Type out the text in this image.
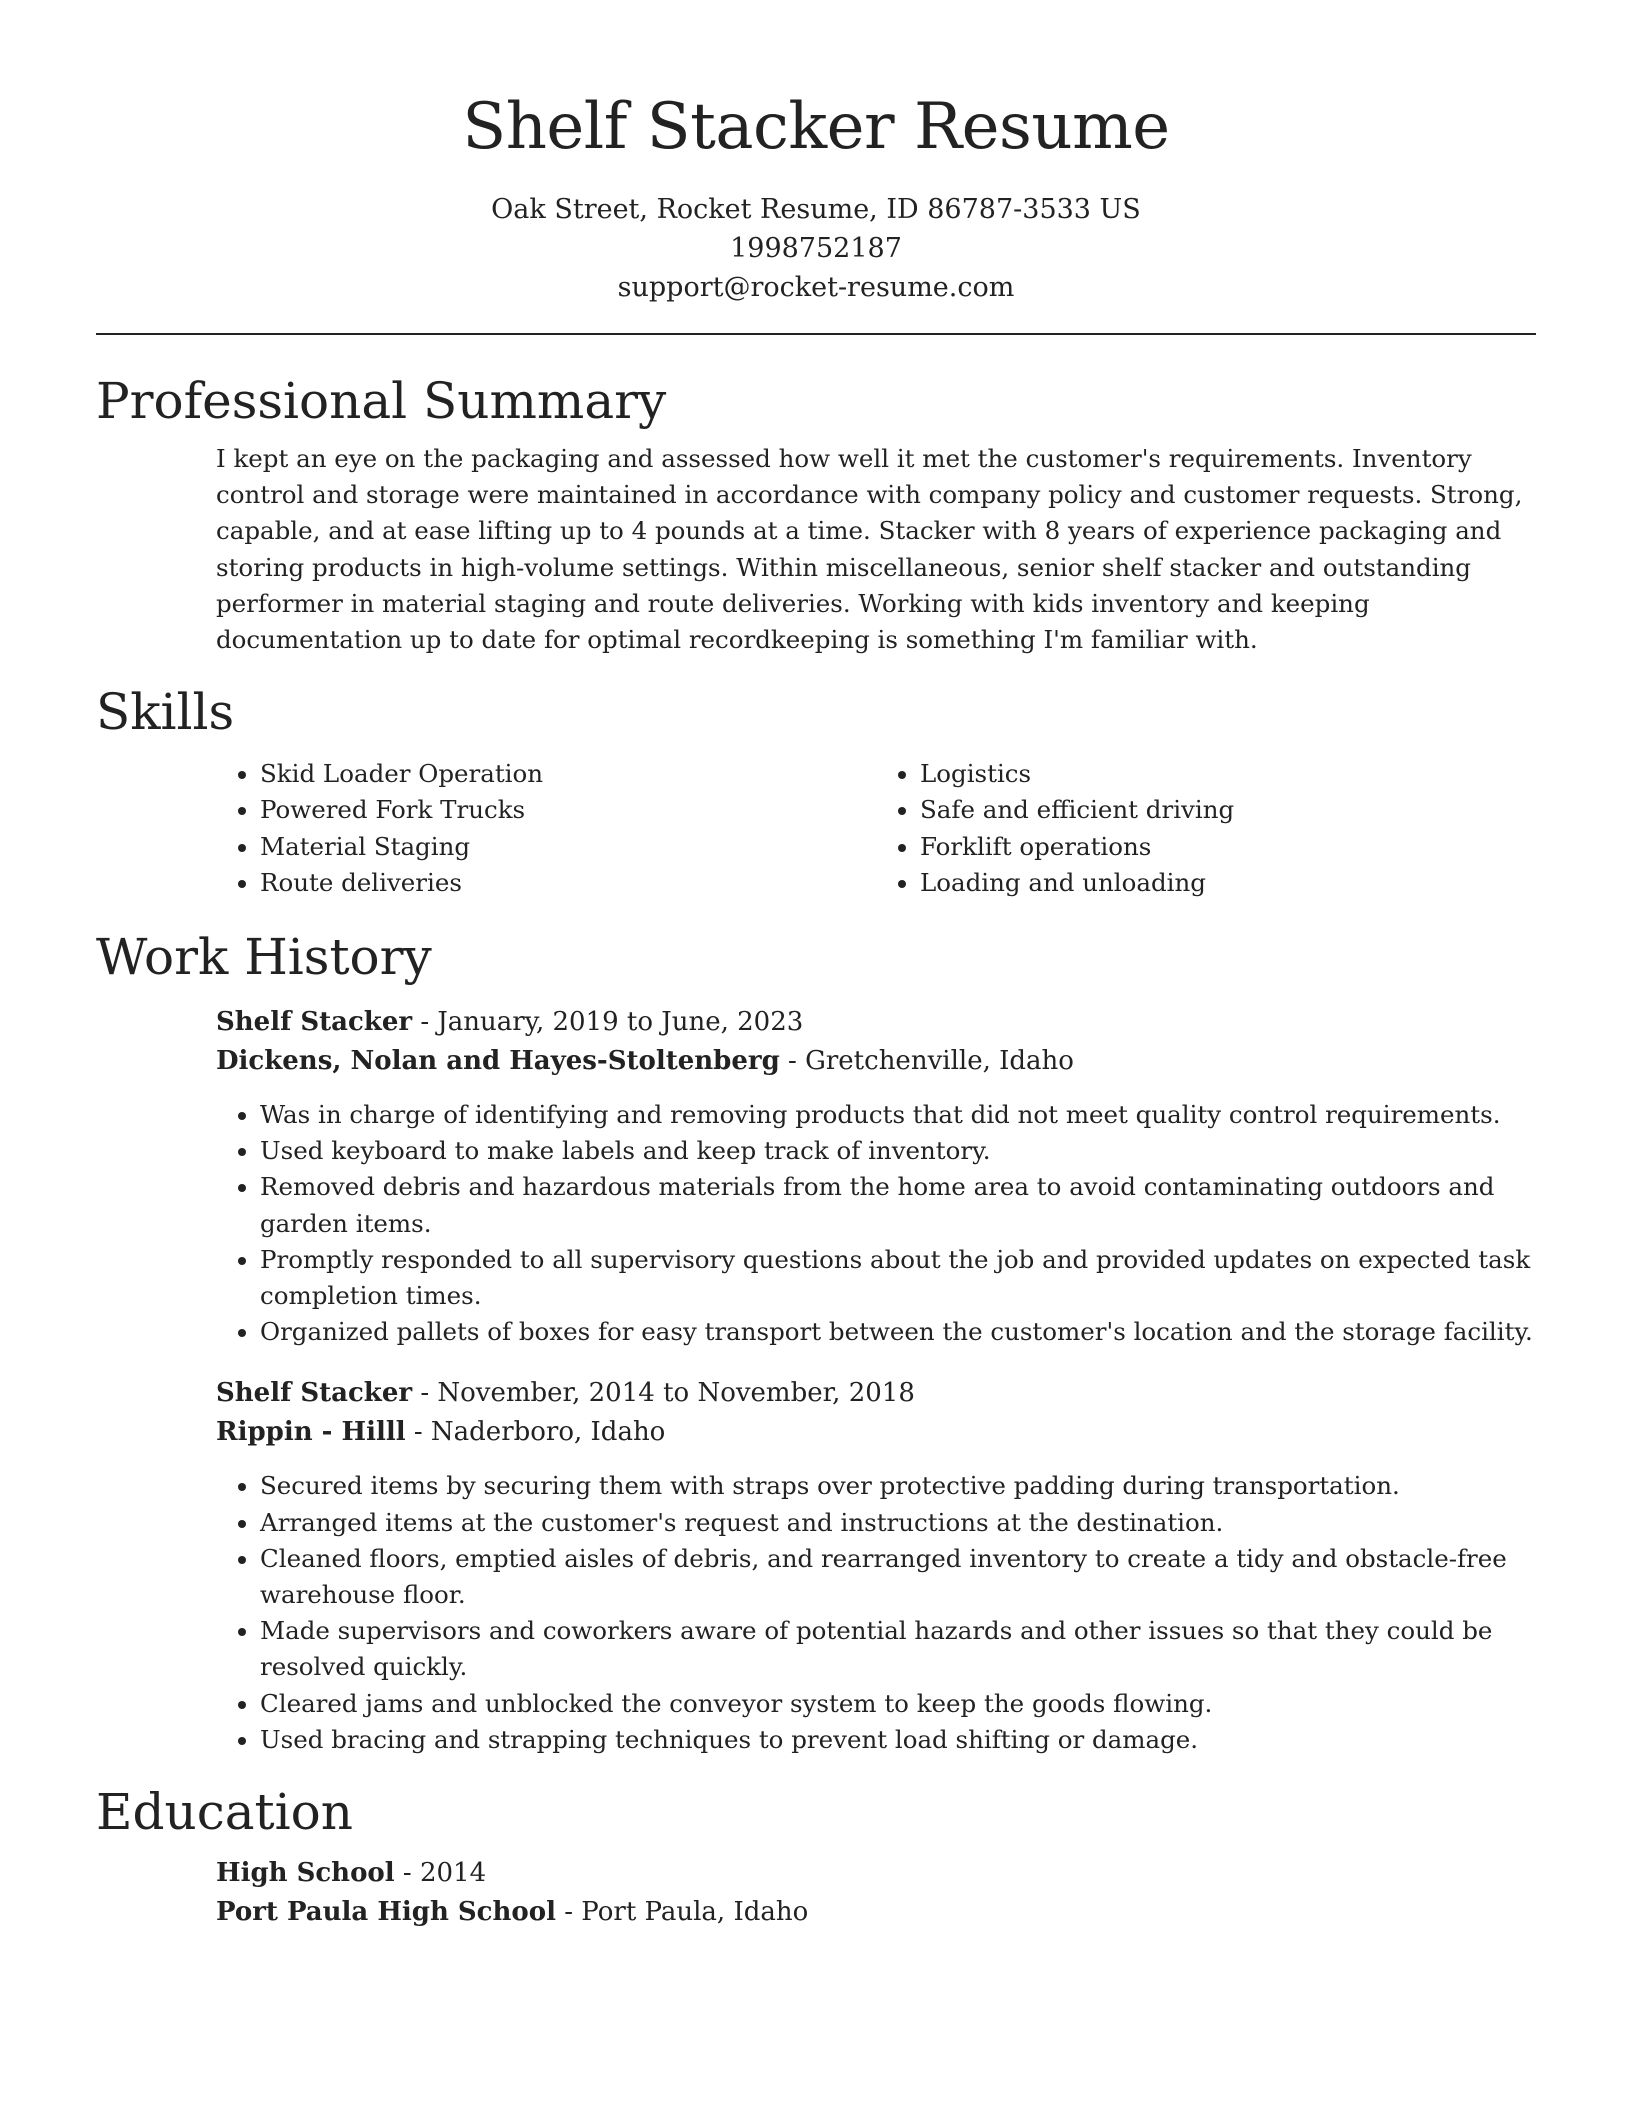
Shelf Stacker Resume
Oak Street, Rocket Resume, ID 86787-3533 US
1998752187
support@rocket-resume.com
Professional Summary

I kept an eye on the packaging and assessed how well it met the customer's requirements. Inventory control and storage were maintained in accordance with company policy and customer requests. Strong, capable, and at ease lifting up to 4 pounds at a time. Stacker with 8 years of experience packaging and storing products in high-volume settings. Within miscellaneous, senior shelf stacker and outstanding performer in material staging and route deliveries. Working with kids inventory and keeping documentation up to date for optimal recordkeeping is something I'm familiar with.

Skills
• Skid Loader Operation
• Powered Fork Trucks
• Material Staging
• Route deliveries
• Logistics
• Safe and efficient driving
• Forklift operations
• Loading and unloading
Work History
Shelf Stacker - January, 2019 to June, 2023
Dickens, Nolan and Hayes-Stoltenberg - Gretchenville, Idaho
• Was in charge of identifying and removing products that did not meet quality control requirements.
• Used keyboard to make labels and keep track of inventory.
• Removed debris and hazardous materials from the home area to avoid contaminating outdoors and garden items.
• Promptly responded to all supervisory questions about the job and provided updates on expected task completion times.
• Organized pallets of boxes for easy transport between the customer's location and the storage facility.
Shelf Stacker - November, 2014 to November, 2018
Rippin - Hilll - Naderboro, Idaho
• Secured items by securing them with straps over protective padding during transportation.
• Arranged items at the customer's request and instructions at the destination.
• Cleaned floors, emptied aisles of debris, and rearranged inventory to create a tidy and obstacle-free warehouse floor.
• Made supervisors and coworkers aware of potential hazards and other issues so that they could be resolved quickly.
• Cleared jams and unblocked the conveyor system to keep the goods flowing.
• Used bracing and strapping techniques to prevent load shifting or damage.
Education
High School - 2014
Port Paula High School - Port Paula, Idaho
